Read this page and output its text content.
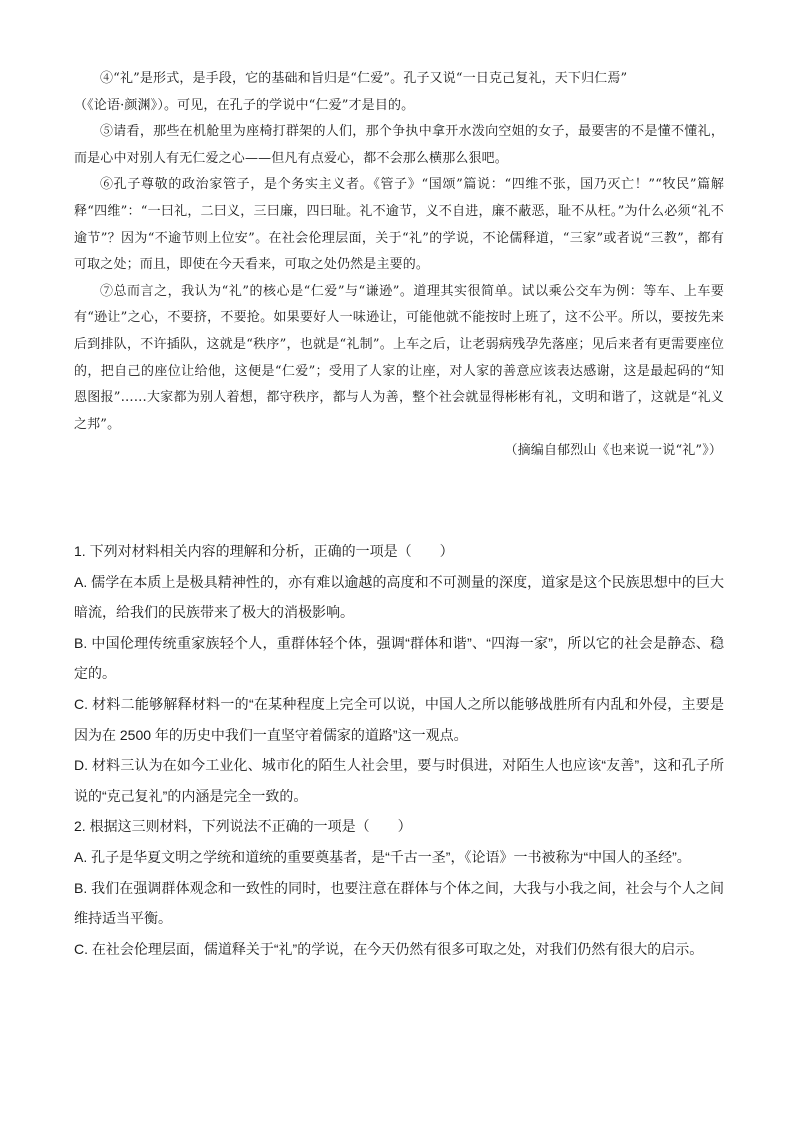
④“礼”是形式，是手段，它的基础和旨归是“仁爱”。孔子又说“一日克己复礼，天下归仁焉”

（《论语·颜渊》）。可见，在孔子的学说中“仁爱”才是目的。

⑤请看，那些在机舱里为座椅打群架的人们，那个争执中拿开水泼向空姐的女子，最要害的不是懂不懂礼，而是心中对别人有无仁爱之心——但凡有点爱心，都不会那么横那么狠吧。

⑥孔子尊敬的政治家管子，是个务实主义者。《管子》“国颂”篇说：“四维不张，国乃灭亡！”“牧民”篇解释“四维”：“一曰礼，二曰义，三曰廉，四曰耻。礼不逾节，义不自进，廉不蔽恶，耻不从枉。”为什么必须“礼不逾节”？因为“不逾节则上位安”。在社会伦理层面，关于“礼”的学说，不论儒释道，“三家”或者说“三教”，都有可取之处；而且，即使在今天看来，可取之处仍然是主要的。

⑦总而言之，我认为“礼”的核心是“仁爱”与“谦逊”。道理其实很简单。试以乘公交车为例：等车、上车要有“逊让”之心，不要挤，不要抢。如果要好人一味逊让，可能他就不能按时上班了，这不公平。所以，要按先来后到排队，不许插队，这就是“秩序”，也就是“礼制”。上车之后，让老弱病残孕先落座；见后来者有更需要座位的，把自己的座位让给他，这便是“仁爱”；受用了人家的让座，对人家的善意应该表达感谢，这是最起码的“知恩图报”……大家都为别人着想，都守秩序，都与人为善，整个社会就显得彬彬有礼，文明和谐了，这就是“礼义之邦”。

（摘编自郁烈山《也来说一说“礼”》）

1. 下列对材料相关内容的理解和分析，正确的一项是（　　）

A. 儒学在本质上是极具精神性的，亦有难以逾越的高度和不可测量的深度，道家是这个民族思想中的巨大暗流，给我们的民族带来了极大的消极影响。

B. 中国伦理传统重家族轻个人，重群体轻个体，强调“群体和谐”、“四海一家”，所以它的社会是静态、稳定的。

C. 材料二能够解释材料一的“在某种程度上完全可以说，中国人之所以能够战胜所有内乱和外侵，主要是因为在 2500 年的历史中我们一直坚守着儒家的道路”这一观点。

D. 材料三认为在如今工业化、城市化的陌生人社会里，要与时俱进，对陌生人也应该“友善”，这和孔子所说的“克己复礼”的内涵是完全一致的。

2. 根据这三则材料，下列说法不正确的一项是（　　）

A. 孔子是华夏文明之学统和道统的重要奠基者，是“千古一圣”，《论语》一书被称为“中国人的圣经”。

B. 我们在强调群体观念和一致性的同时，也要注意在群体与个体之间，大我与小我之间，社会与个人之间维持适当平衡。

C. 在社会伦理层面，儒道释关于“礼”的学说，在今天仍然有很多可取之处，对我们仍然有很大的启示。
